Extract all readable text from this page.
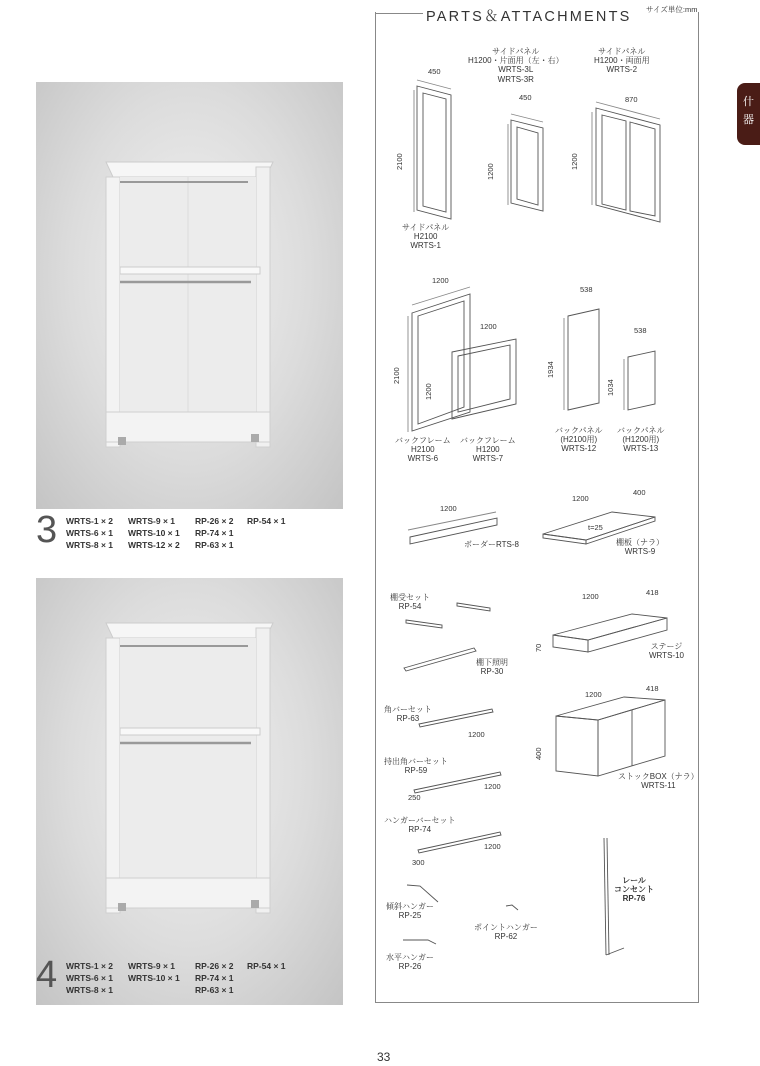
3 WRTS-1 × 2 WRTS-9 × 1 RP-26 × 2 RP-54 × 1
WRTS-6 × 1 WRTS-10 × 1 RP-74 × 1
WRTS-8 × 1 WRTS-12 × 2 RP-63 × 1
4 WRTS-1 × 2 WRTS-9 × 1 RP-26 × 2 RP-54 × 1
WRTS-6 × 1 WRTS-10 × 1 RP-74 × 1
WRTS-8 × 1	RP-63 × 1
PARTS＆ATTACHMENTS サイズ単位:mm
什
器
450
2100
サイドパネル
H2100
WRTS-1
サイドパネル
H1200・片面用（左・右）
WRTS-3L
WRTS-3R
450
1200
サイドパネル
H1200・両面用
WRTS-2
870
1200
1200
2100
バックフレーム
H2100
WRTS-6
1200
1200
バックフレーム
H1200
WRTS-7
538
1934
バックパネル
(H2100用)
WRTS-12
538
1034
バックパネル
(H1200用)
WRTS-13
1200
ボーダーRTS-8
1200
400
t=25
棚板（ナラ）
WRTS-9
棚受セット
RP-54
棚下照明
RP-30
1200	418
70	ステージ
WRTS-10
角バーセット
RP-63
1200
1200
418
400
ストックBOX（ナラ）
WRTS-11
持出角バーセット
RP-59
1200
250
ハンガーバーセット
RP-74
1200
300
レール
コンセント
RP-76
傾斜ハンガー
RP-25
ポイントハンガー
RP-62
水平ハンガー
RP-26
33
